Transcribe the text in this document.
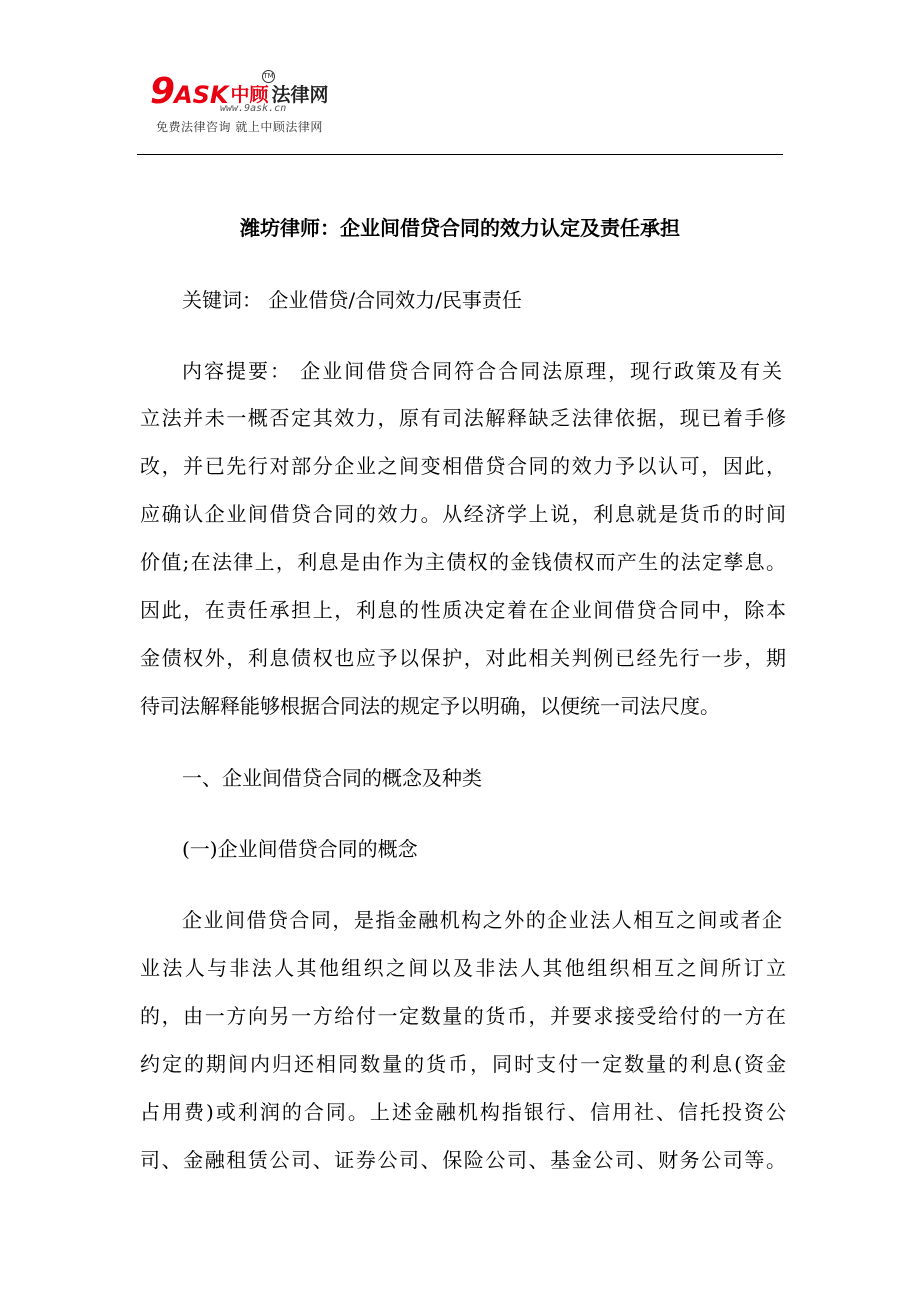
9 ASK 中顾 法律网
TM
www.9ask.cn
免费法律咨询 就上中顾法律网
潍坊律师：企业间借贷合同的效力认定及责任承担
关键词： 企业借贷/合同效力/民事责任
内容提要： 企业间借贷合同符合合同法原理，现行政策及有关
立法并未一概否定其效力，原有司法解释缺乏法律依据，现已着手修
改，并已先行对部分企业之间变相借贷合同的效力予以认可，因此，
应确认企业间借贷合同的效力。从经济学上说，利息就是货币的时间
价值;在法律上，利息是由作为主债权的金钱债权而产生的法定孳息。
因此，在责任承担上，利息的性质决定着在企业间借贷合同中，除本
金债权外，利息债权也应予以保护，对此相关判例已经先行一步，期
待司法解释能够根据合同法的规定予以明确，以便统一司法尺度。
一、企业间借贷合同的概念及种类
(一)企业间借贷合同的概念
企业间借贷合同，是指金融机构之外的企业法人相互之间或者企
业法人与非法人其他组织之间以及非法人其他组织相互之间所订立
的，由一方向另一方给付一定数量的货币，并要求接受给付的一方在
约定的期间内归还相同数量的货币，同时支付一定数量的利息(资金
占用费)或利润的合同。上述金融机构指银行、信用社、信托投资公
司、金融租赁公司、证券公司、保险公司、基金公司、财务公司等。
